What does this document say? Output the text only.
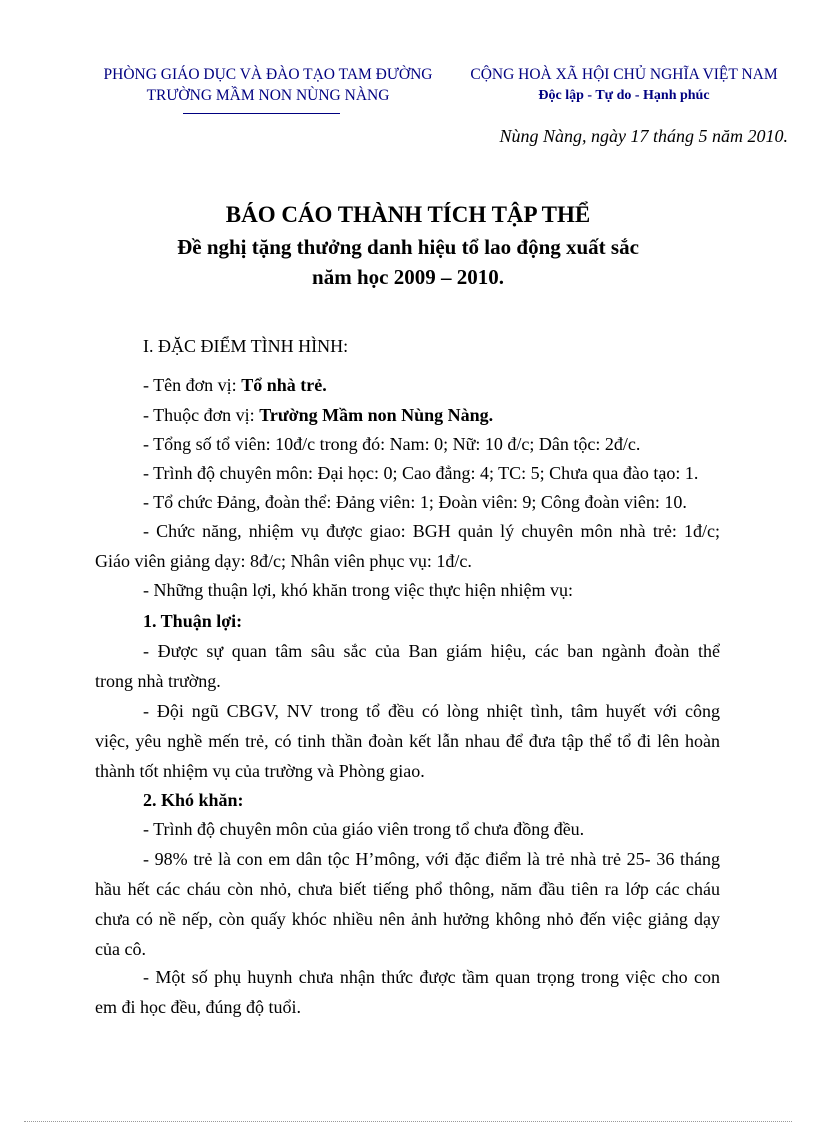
PHÒNG GIÁO DỤC VÀ ĐÀO TẠO TAM ĐƯỜNG
TRƯỜNG MẦM NON NÙNG NÀNG
CỘNG HOÀ XÃ HỘI CHỦ NGHĨA VIỆT NAM
Độc lập - Tự do - Hạnh phúc
Nùng Nàng, ngày 17 tháng 5 năm 2010.
BÁO CÁO THÀNH TÍCH TẬP THỂ
Đề nghị tặng thưởng danh hiệu tổ lao động xuất sắc
năm học 2009 – 2010.
I. ĐẶC ĐIỂM TÌNH HÌNH:
- Tên đơn vị: Tổ nhà trẻ.
- Thuộc đơn vị: Trường Mầm non Nùng Nàng.
- Tổng số tổ viên: 10đ/c trong đó: Nam: 0; Nữ: 10 đ/c; Dân tộc: 2đ/c.
- Trình độ chuyên môn: Đại học: 0; Cao đẳng: 4; TC: 5; Chưa qua đào tạo: 1.
- Tổ chức Đảng, đoàn thể: Đảng viên: 1; Đoàn viên: 9; Công đoàn viên: 10.
- Chức năng, nhiệm vụ được giao: BGH quản lý chuyên môn nhà trẻ: 1đ/c;
Giáo viên giảng dạy: 8đ/c; Nhân viên phục vụ: 1đ/c.
- Những thuận lợi, khó khăn trong việc thực hiện nhiệm vụ:
1. Thuận lợi:
- Được sự quan tâm sâu sắc của Ban giám hiệu, các ban ngành đoàn thể
trong nhà trường.
- Đội ngũ CBGV, NV trong tổ đều có lòng nhiệt tình, tâm huyết với công
việc, yêu nghề mến trẻ, có tinh thần đoàn kết lẫn nhau để đưa tập thể tổ đi lên hoàn
thành tốt nhiệm vụ của trường và Phòng giao.
2. Khó khăn:
- Trình độ chuyên môn của giáo viên trong tổ chưa đồng đều.
- 98% trẻ là con em dân tộc H’mông, với đặc điểm là trẻ nhà trẻ 25- 36 tháng
hầu hết các cháu còn nhỏ, chưa biết tiếng phổ thông, năm đầu tiên ra lớp các cháu
chưa có nề nếp, còn quấy khóc nhiều nên ảnh hưởng không nhỏ đến việc giảng dạy
của cô.
- Một số phụ huynh chưa nhận thức được tầm quan trọng trong việc cho con
em đi học đều, đúng độ tuổi.
